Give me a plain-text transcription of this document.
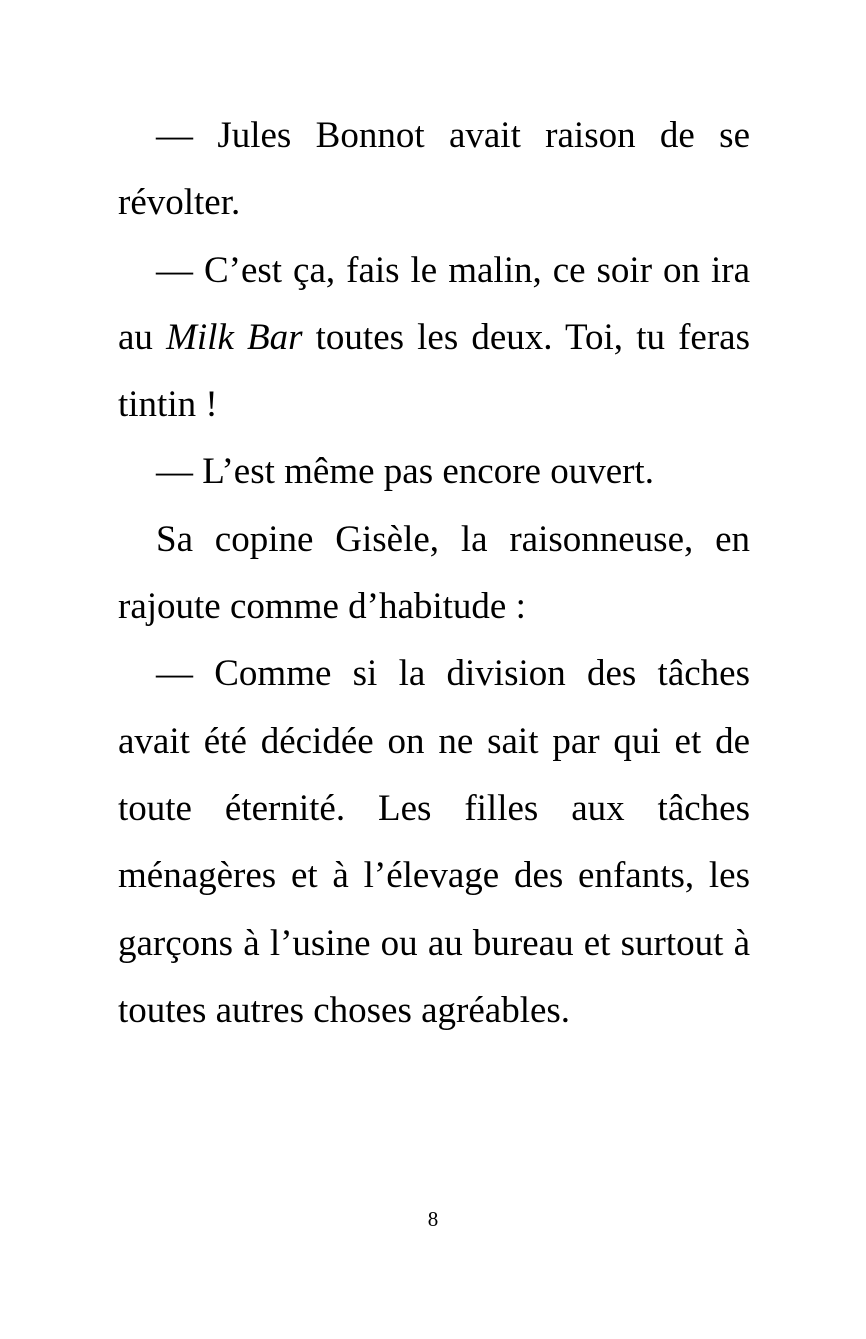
— Jules Bonnot avait raison de se révolter.

— C’est ça, fais le malin, ce soir on ira au Milk Bar toutes les deux. Toi, tu feras tintin !

— L’est même pas encore ouvert.

Sa copine Gisèle, la raisonneuse, en rajoute comme d’habitude :

— Comme si la division des tâches avait été décidée on ne sait par qui et de toute éternité. Les filles aux tâches ménagères et à l’élevage des enfants, les garçons à l’usine ou au bureau et surtout à toutes autres choses agréables.

8
